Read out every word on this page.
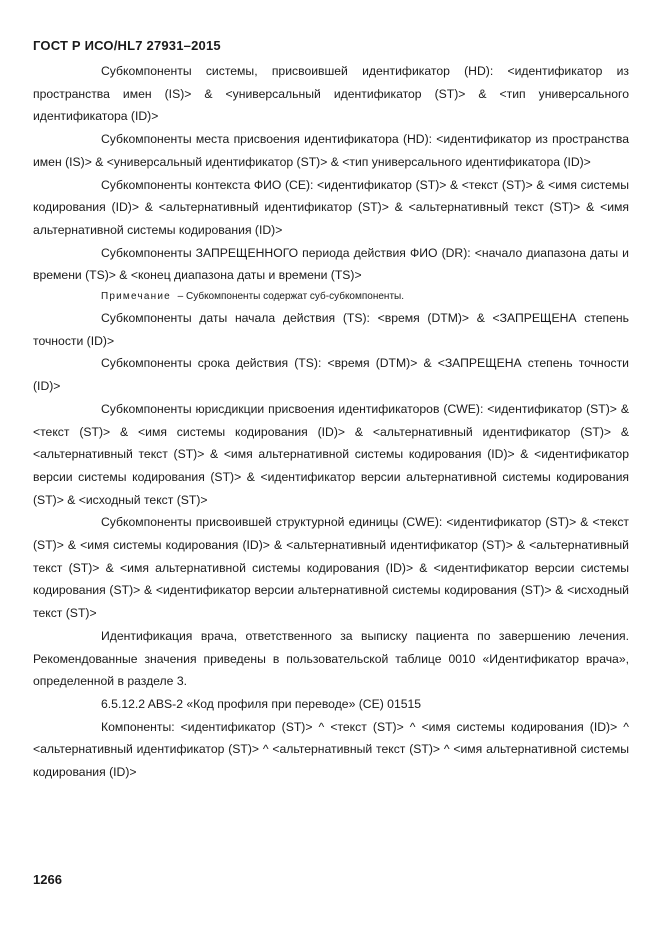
ГОСТ Р ИСО/HL7 27931–2015

Субкомпоненты системы, присвоившей идентификатор (HD): <идентификатор из пространства имен (IS)> & <универсальный идентификатор (ST)> & <тип универсального идентификатора (ID)>

Субкомпоненты места присвоения идентификатора (HD): <идентификатор из пространства имен (IS)> & <универсальный идентификатор (ST)> & <тип универсального идентификатора (ID)>

Субкомпоненты контекста ФИО (CE): <идентификатор (ST)> & <текст (ST)> & <имя системы кодирования (ID)> & <альтернативный идентификатор (ST)> & <альтернативный текст (ST)> & <имя альтернативной системы кодирования (ID)>

Субкомпоненты ЗАПРЕЩЕННОГО периода действия ФИО (DR): <начало диапазона даты и времени (TS)> & <конец диапазона даты и времени (TS)>

Примечание – Субкомпоненты содержат суб-субкомпоненты.

Субкомпоненты даты начала действия (TS): <время (DTM)> & <ЗАПРЕЩЕНА степень точности (ID)>

Субкомпоненты срока действия (TS): <время (DTM)> & <ЗАПРЕЩЕНА степень точности (ID)>

Субкомпоненты юрисдикции присвоения идентификаторов (CWE): <идентификатор (ST)> & <текст (ST)> & <имя системы кодирования (ID)> & <альтернативный идентификатор (ST)> & <альтернативный текст (ST)> & <имя альтернативной системы кодирования (ID)> & <идентификатор версии системы кодирования (ST)> & <идентификатор версии альтернативной системы кодирования (ST)> & <исходный текст (ST)>

Субкомпоненты присвоившей структурной единицы (CWE): <идентификатор (ST)> & <текст (ST)> & <имя системы кодирования (ID)> & <альтернативный идентификатор (ST)> & <альтернативный текст (ST)> & <имя альтернативной системы кодирования (ID)> & <идентификатор версии системы кодирования (ST)> & <идентификатор версии альтернативной системы кодирования (ST)> & <исходный текст (ST)>

Идентификация врача, ответственного за выписку пациента по завершению лечения. Рекомендованные значения приведены в пользовательской таблице 0010 «Идентификатор врача», определенной в разделе 3.

6.5.12.2 ABS-2 «Код профиля при переводе» (CE) 01515

Компоненты: <идентификатор (ST)> ^ <текст (ST)> ^ <имя системы кодирования (ID)> ^ <альтернативный идентификатор (ST)> ^ <альтернативный текст (ST)> ^ <имя альтернативной системы кодирования (ID)>

1266
